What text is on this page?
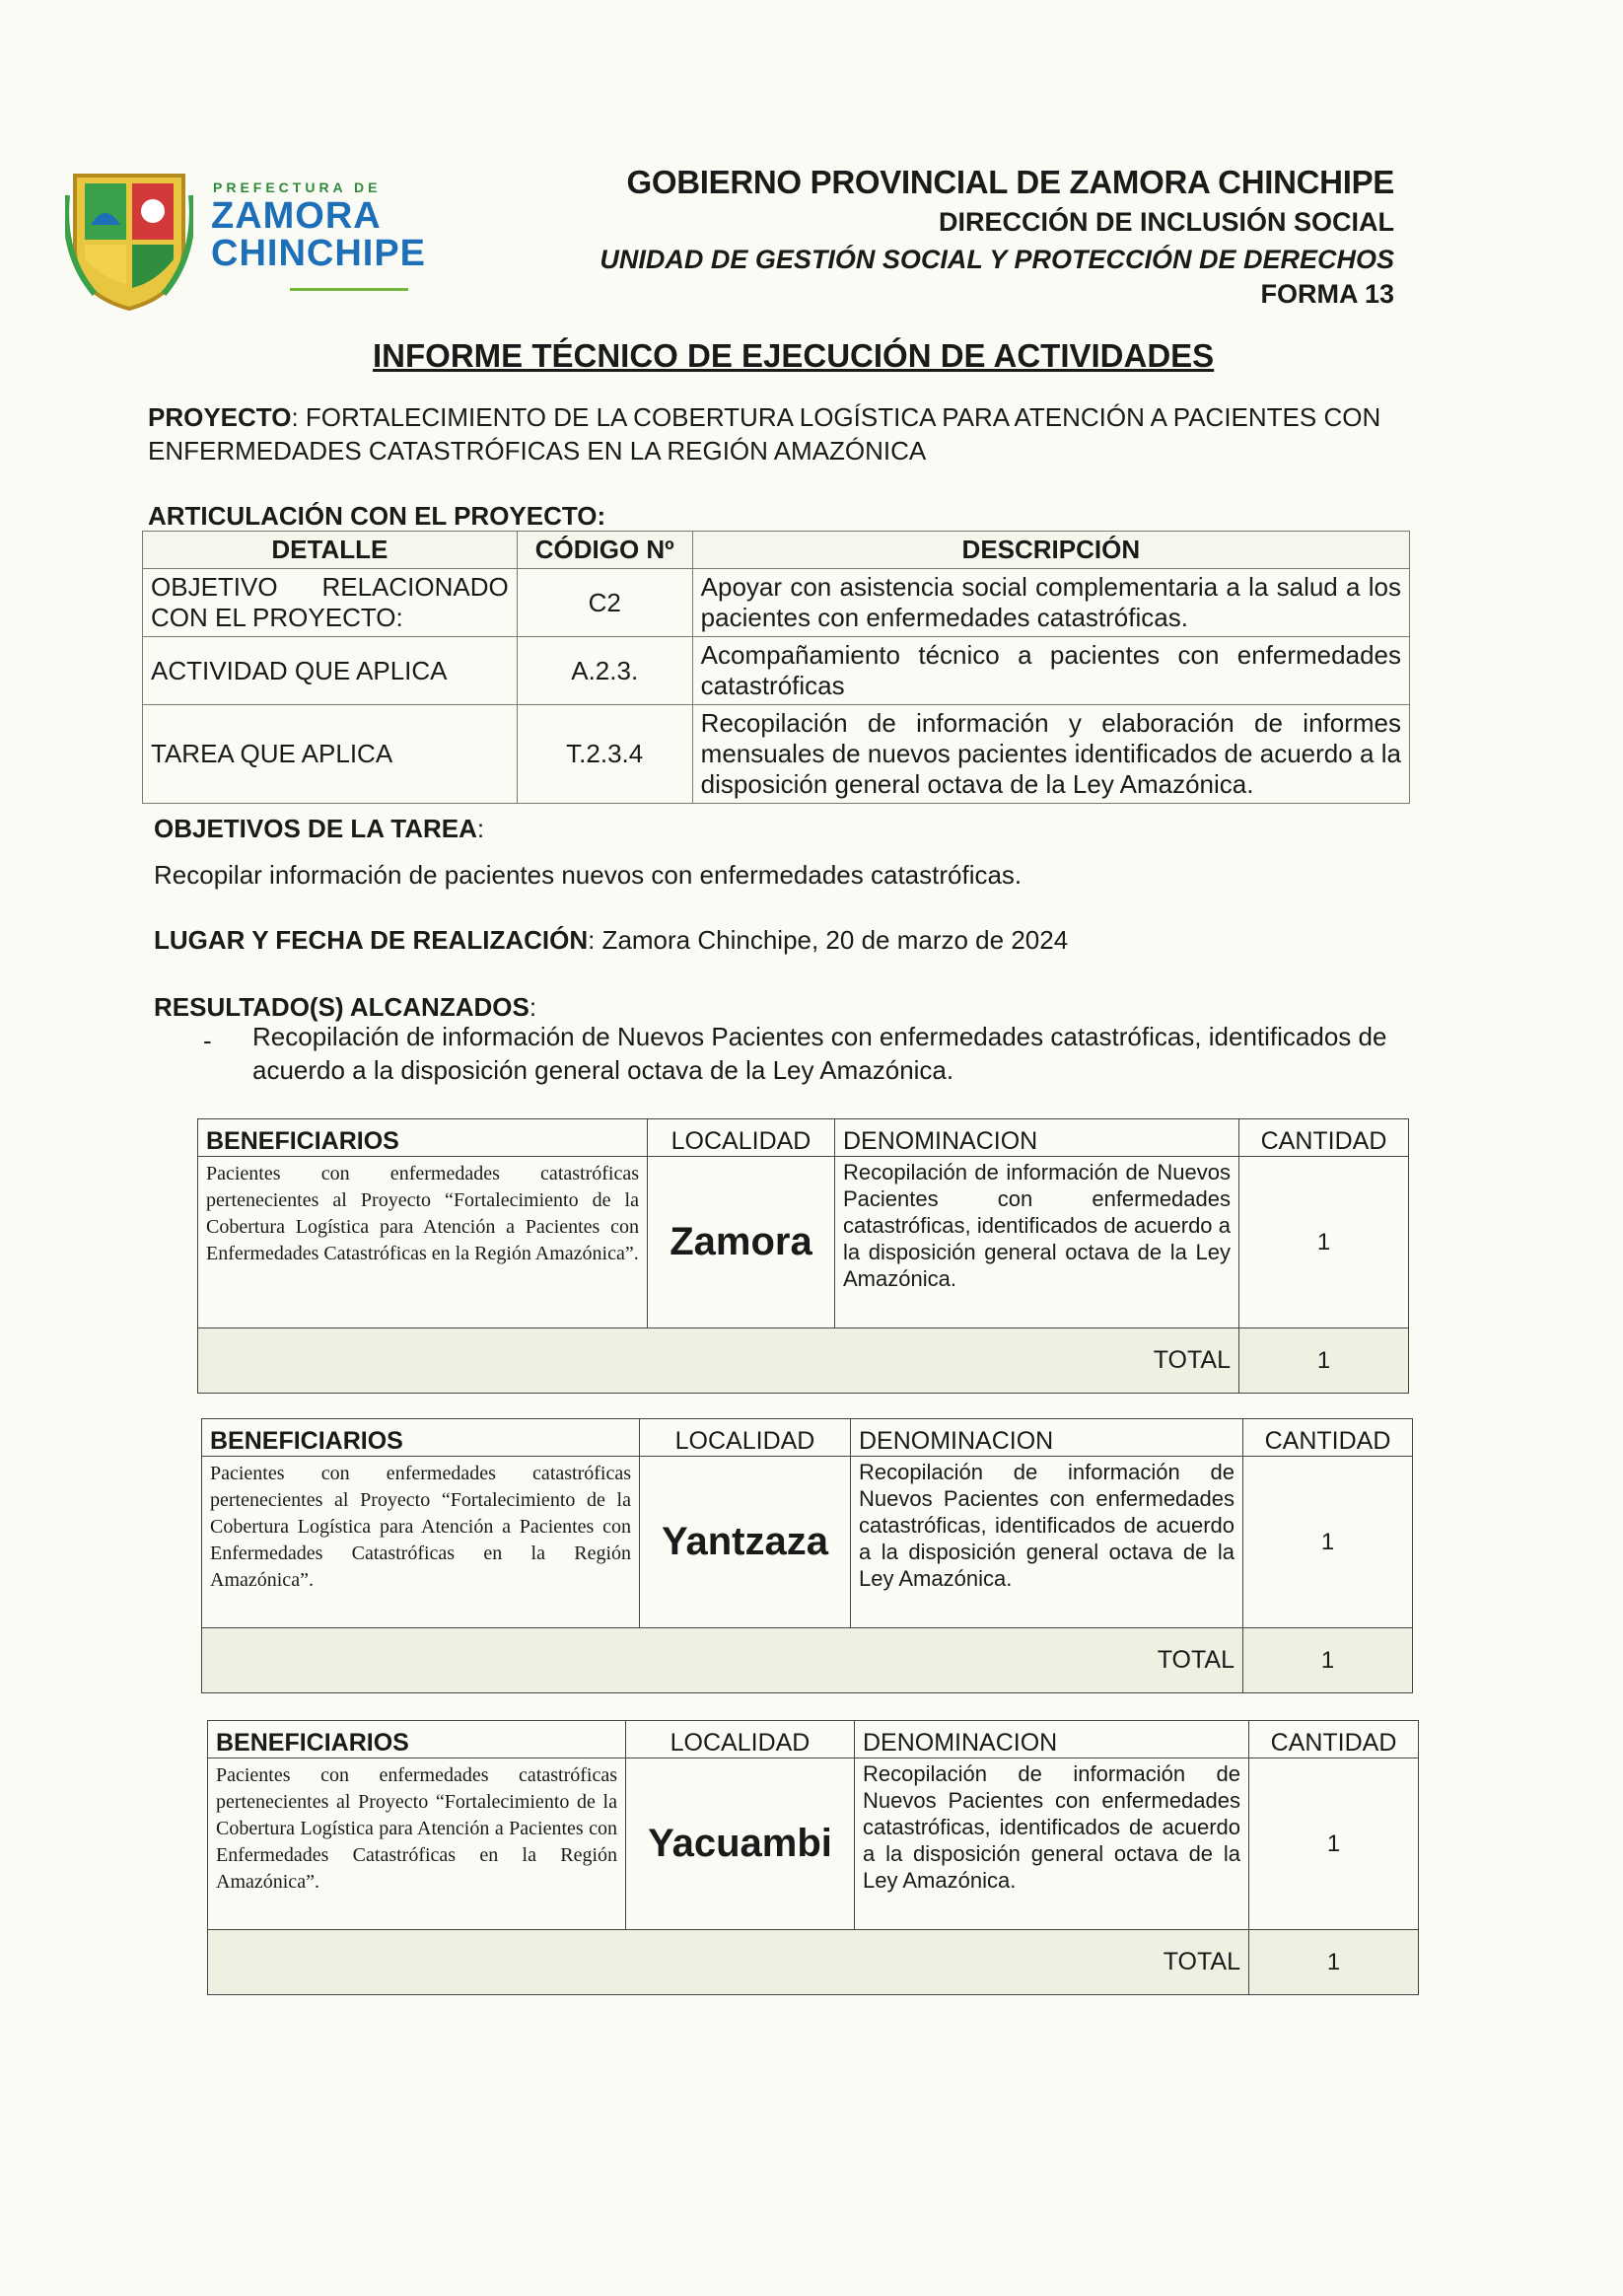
PREFECTURA DE
ZAMORA
CHINCHIPE
GOBIERNO PROVINCIAL DE ZAMORA CHINCHIPE
DIRECCIÓN DE INCLUSIÓN SOCIAL
UNIDAD DE GESTIÓN SOCIAL Y PROTECCIÓN DE DERECHOS
FORMA 13
INFORME TÉCNICO DE EJECUCIÓN DE ACTIVIDADES
PROYECTO: FORTALECIMIENTO DE LA COBERTURA LOGÍSTICA PARA ATENCIÓN A PACIENTES CON ENFERMEDADES CATASTRÓFICAS EN LA REGIÓN AMAZÓNICA
ARTICULACIÓN CON EL PROYECTO:
DETALLE	CÓDIGO Nº	DESCRIPCIÓN
OBJETIVO RELACIONADO CON EL PROYECTO:	C2	Apoyar con asistencia social complementaria a la salud a los pacientes con enfermedades catastróficas.
ACTIVIDAD QUE APLICA	A.2.3.	Acompañamiento técnico a pacientes con enfermedades catastróficas
TAREA QUE APLICA	T.2.3.4	Recopilación de información y elaboración de informes mensuales de nuevos pacientes identificados de acuerdo a la disposición general octava de la Ley Amazónica.
OBJETIVOS DE LA TAREA:
Recopilar información de pacientes nuevos con enfermedades catastróficas.
LUGAR Y FECHA DE REALIZACIÓN: Zamora Chinchipe, 20 de marzo de 2024
RESULTADO(S) ALCANZADOS:
- Recopilación de información de Nuevos Pacientes con enfermedades catastróficas, identificados de acuerdo a la disposición general octava de la Ley Amazónica.
BENEFICIARIOS	LOCALIDAD	DENOMINACION	CANTIDAD
Pacientes con enfermedades catastróficas pertenecientes al Proyecto “Fortalecimiento de la Cobertura Logística para Atención a Pacientes con Enfermedades Catastróficas en la Región Amazónica”.	Zamora	Recopilación de información de Nuevos Pacientes con enfermedades catastróficas, identificados de acuerdo a la disposición general octava de la Ley Amazónica.	1
		TOTAL	1
BENEFICIARIOS	LOCALIDAD	DENOMINACION	CANTIDAD
Pacientes con enfermedades catastróficas pertenecientes al Proyecto “Fortalecimiento de la Cobertura Logística para Atención a Pacientes con Enfermedades Catastróficas en la Región Amazónica”.	Yantzaza	Recopilación de información de Nuevos Pacientes con enfermedades catastróficas, identificados de acuerdo a la disposición general octava de la Ley Amazónica.	1
		TOTAL	1
BENEFICIARIOS	LOCALIDAD	DENOMINACION	CANTIDAD
Pacientes con enfermedades catastróficas pertenecientes al Proyecto “Fortalecimiento de la Cobertura Logística para Atención a Pacientes con Enfermedades Catastróficas en la Región Amazónica”.	Yacuambi	Recopilación de información de Nuevos Pacientes con enfermedades catastróficas, identificados de acuerdo a la disposición general octava de la Ley Amazónica.	1
		TOTAL	1
